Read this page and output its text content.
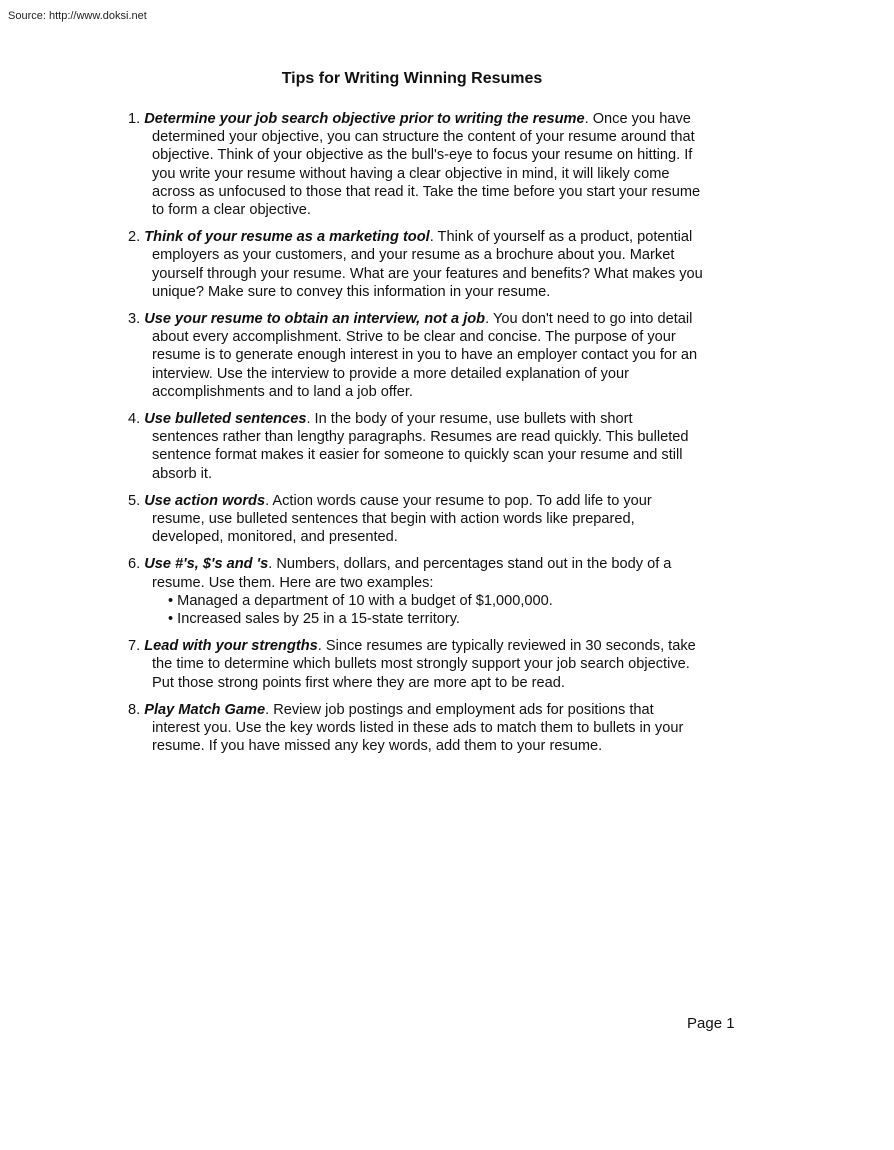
Source: http://www.doksi.net
Tips for Writing Winning Resumes
1. Determine your job search objective prior to writing the resume. Once you have determined your objective, you can structure the content of your resume around that objective. Think of your objective as the bull's-eye to focus your resume on hitting. If you write your resume without having a clear objective in mind, it will likely come across as unfocused to those that read it. Take the time before you start your resume to form a clear objective.
2. Think of your resume as a marketing tool. Think of yourself as a product, potential employers as your customers, and your resume as a brochure about you. Market yourself through your resume. What are your features and benefits? What makes you unique? Make sure to convey this information in your resume.
3. Use your resume to obtain an interview, not a job. You don't need to go into detail about every accomplishment. Strive to be clear and concise. The purpose of your resume is to generate enough interest in you to have an employer contact you for an interview. Use the interview to provide a more detailed explanation of your accomplishments and to land a job offer.
4. Use bulleted sentences. In the body of your resume, use bullets with short sentences rather than lengthy paragraphs. Resumes are read quickly. This bulleted sentence format makes it easier for someone to quickly scan your resume and still absorb it.
5. Use action words. Action words cause your resume to pop. To add life to your resume, use bulleted sentences that begin with action words like prepared, developed, monitored, and presented.
6. Use #'s, $'s and 's. Numbers, dollars, and percentages stand out in the body of a resume. Use them. Here are two examples:
• Managed a department of 10 with a budget of $1,000,000.
• Increased sales by 25 in a 15-state territory.
7. Lead with your strengths. Since resumes are typically reviewed in 30 seconds, take the time to determine which bullets most strongly support your job search objective. Put those strong points first where they are more apt to be read.
8. Play Match Game. Review job postings and employment ads for positions that interest you. Use the key words listed in these ads to match them to bullets in your resume. If you have missed any key words, add them to your resume.
Page 1
